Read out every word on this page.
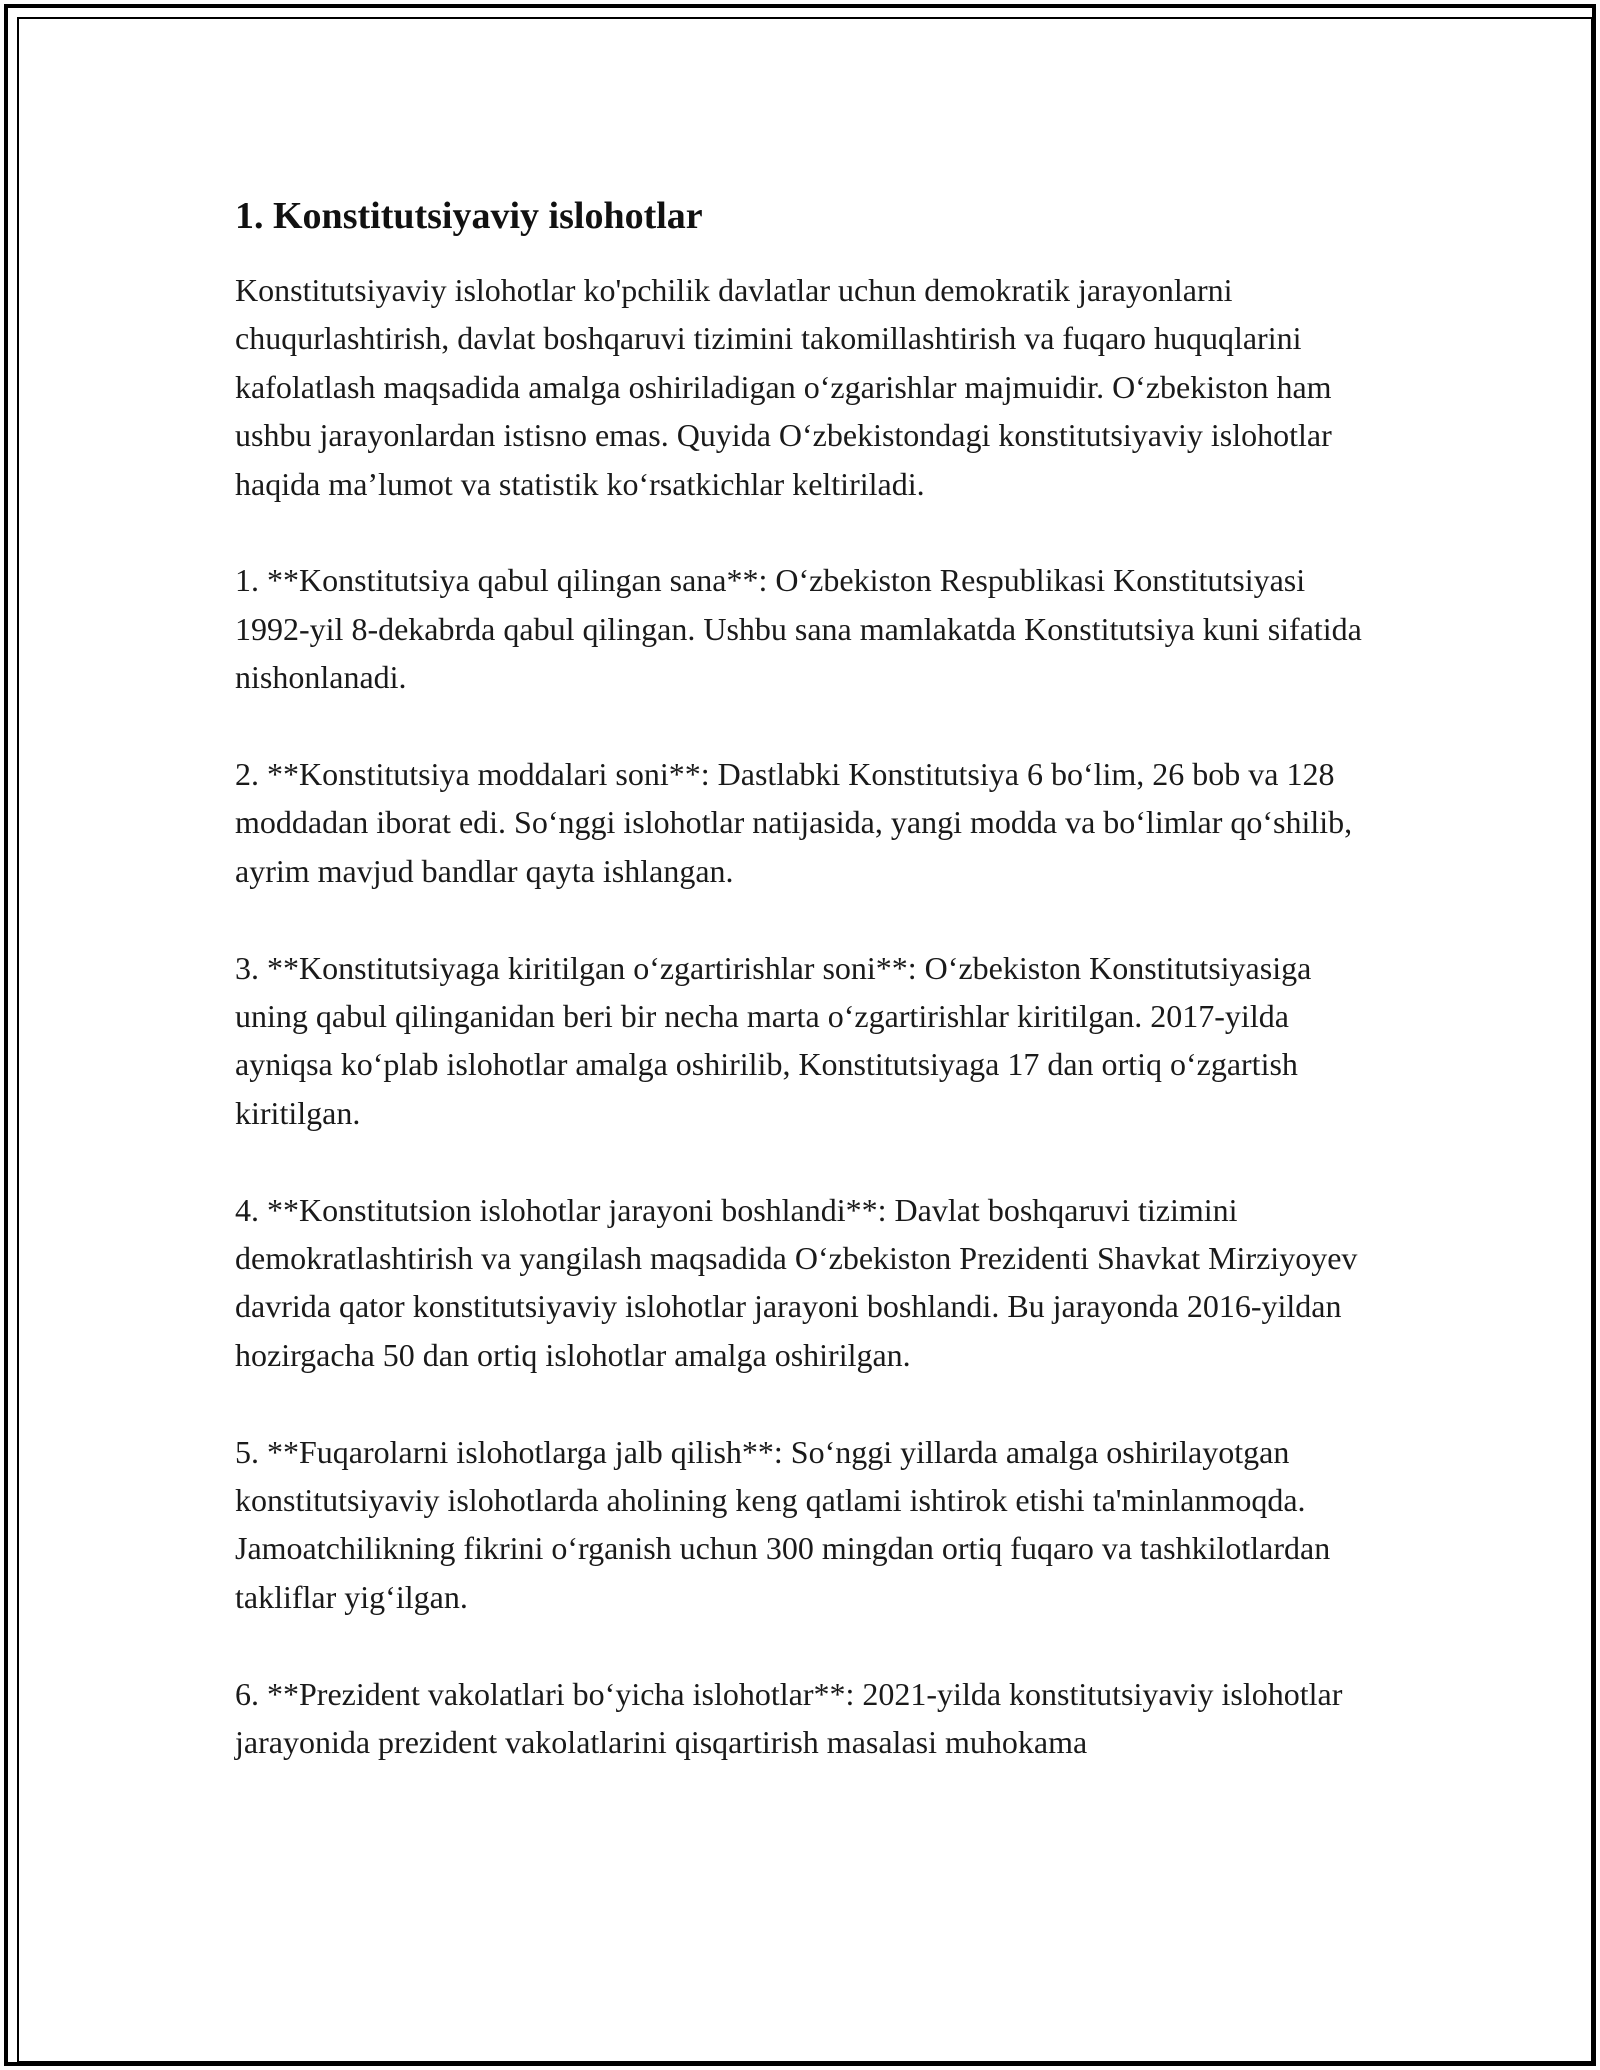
1. Konstitutsiyaviy islohotlar

Konstitutsiyaviy islohotlar ko'pchilik davlatlar uchun demokratik jarayonlarni chuqurlashtirish, davlat boshqaruvi tizimini takomillashtirish va fuqaro huquqlarini kafolatlash maqsadida amalga oshiriladigan o‘zgarishlar majmuidir. O‘zbekiston ham ushbu jarayonlardan istisno emas. Quyida O‘zbekistondagi konstitutsiyaviy islohotlar haqida ma’lumot va statistik ko‘rsatkichlar keltiriladi.

1. **Konstitutsiya qabul qilingan sana**: O‘zbekiston Respublikasi Konstitutsiyasi 1992-yil 8-dekabrda qabul qilingan. Ushbu sana mamlakatda Konstitutsiya kuni sifatida nishonlanadi.

2. **Konstitutsiya moddalari soni**: Dastlabki Konstitutsiya 6 bo‘lim, 26 bob va 128 moddadan iborat edi. So‘nggi islohotlar natijasida, yangi modda va bo‘limlar qo‘shilib, ayrim mavjud bandlar qayta ishlangan.

3. **Konstitutsiyaga kiritilgan o‘zgartirishlar soni**: O‘zbekiston Konstitutsiyasiga uning qabul qilinganidan beri bir necha marta o‘zgartirishlar kiritilgan. 2017-yilda ayniqsa ko‘plab islohotlar amalga oshirilib, Konstitutsiyaga 17 dan ortiq o‘zgartish kiritilgan.

4. **Konstitutsion islohotlar jarayoni boshlandi**: Davlat boshqaruvi tizimini demokratlashtirish va yangilash maqsadida O‘zbekiston Prezidenti Shavkat Mirziyoyev davrida qator konstitutsiyaviy islohotlar jarayoni boshlandi. Bu jarayonda 2016-yildan hozirgacha 50 dan ortiq islohotlar amalga oshirilgan.

5. **Fuqarolarni islohotlarga jalb qilish**: So‘nggi yillarda amalga oshirilayotgan konstitutsiyaviy islohotlarda aholining keng qatlami ishtirok etishi ta'minlanmoqda. Jamoatchilikning fikrini o‘rganish uchun 300 mingdan ortiq fuqaro va tashkilotlardan takliflar yig‘ilgan.

6. **Prezident vakolatlari bo‘yicha islohotlar**: 2021-yilda konstitutsiyaviy islohotlar jarayonida prezident vakolatlarini qisqartirish masalasi muhokama
